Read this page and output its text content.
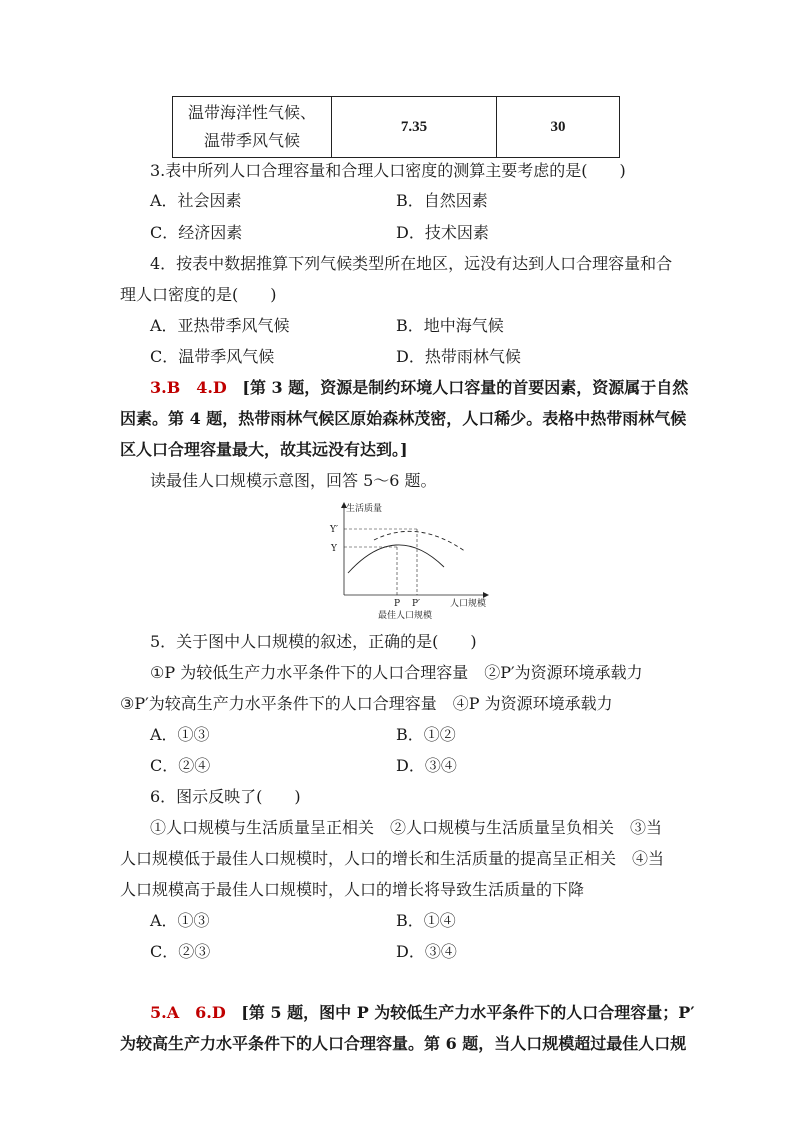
温带海洋性气候、
温带季风气候
	7.35	30
3.表中所列人口合理容量和合理人口密度的测算主要考虑的是(　　)
A．社会因素	B．自然因素
C．经济因素	D．技术因素
4．按表中数据推算下列气候类型所在地区，远没有达到人口合理容量和合
理人口密度的是(　　)
A．亚热带季风气候	B．地中海气候
C．温带季风气候	D．热带雨林气候
3.B　4.D [第 3 题，资源是制约环境人口容量的首要因素，资源属于自然
因素。第 4 题，热带雨林气候区原始森林茂密，人口稀少。表格中热带雨林气候
区人口合理容量最大，故其远没有达到。]
读最佳人口规模示意图，回答 5～6 题。
生活质量
人口规模
最佳人口规模
Y′
Y
P P′
5．关于图中人口规模的叙述，正确的是(　　)
①P 为较低生产力水平条件下的人口合理容量　②P′为资源环境承载力
③P′为较高生产力水平条件下的人口合理容量　④P 为资源环境承载力
A．①③	B．①②
C．②④	D．③④
6．图示反映了(　　)
①人口规模与生活质量呈正相关　②人口规模与生活质量呈负相关　③当
人口规模低于最佳人口规模时，人口的增长和生活质量的提高呈正相关　④当
人口规模高于最佳人口规模时，人口的增长将导致生活质量的下降
A．①③	B．①④
C．②③	D．③④
5.A　6.D [第 5 题，图中 P 为较低生产力水平条件下的人口合理容量；P′
为较高生产力水平条件下的人口合理容量。第 6 题，当人口规模超过最佳人口规
